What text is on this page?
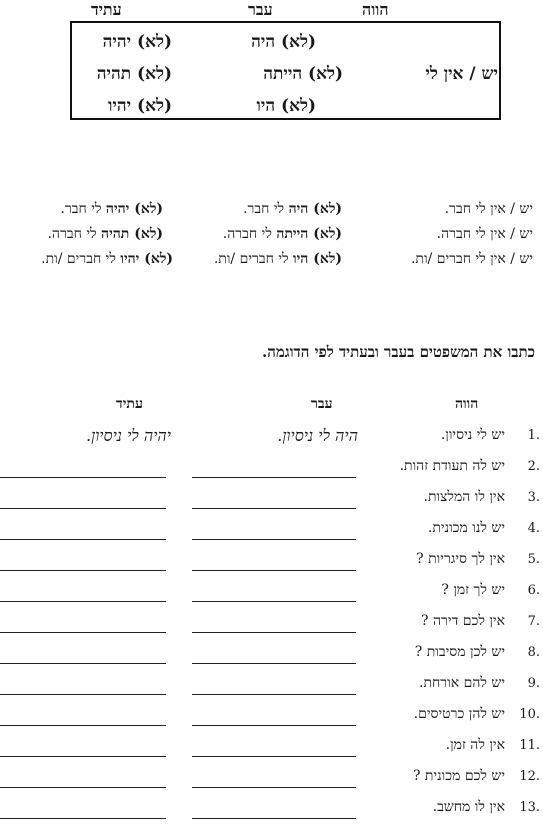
הווה
עבר
עתיד
(לא) היה
(לא) יהיה
יש / אין לי
(לא) הייתה
(לא) תהיה
(לא) היו
(לא) יהיו
יש / אין לי חבר.
(לא) היה לי חבר.
(לא) יהיה לי חבר.
יש / אין לי חברה.
(לא) הייתה לי חברה.
(לא) תהיה לי חברה.
יש / אין לי חברים /ות.
(לא) היו לי חברים /ות.
(לא) יהיו לי חברים /ות.
כתבו את המשפטים בעבר ובעתיד לפי הדוגמה.
הווה
עבר
עתיד
1.
יש לי ניסיון.
היה לי ניסיון.
יהיה לי ניסיון.
2.
יש לה תעודת זהות.
3.
אין לו המלצות.
4.
יש לנו מכונית.
5.
אין לך סיגריות ?
6.
יש לך זמן ?
7.
אין לכם דירה ?
8.
יש לכן מסיבות ?
9.
יש להם אורחת.
10.
יש להן כרטיסים.
11.
אין לה זמן.
12.
יש לכם מכונית ?
13.
אין לו מחשב.
